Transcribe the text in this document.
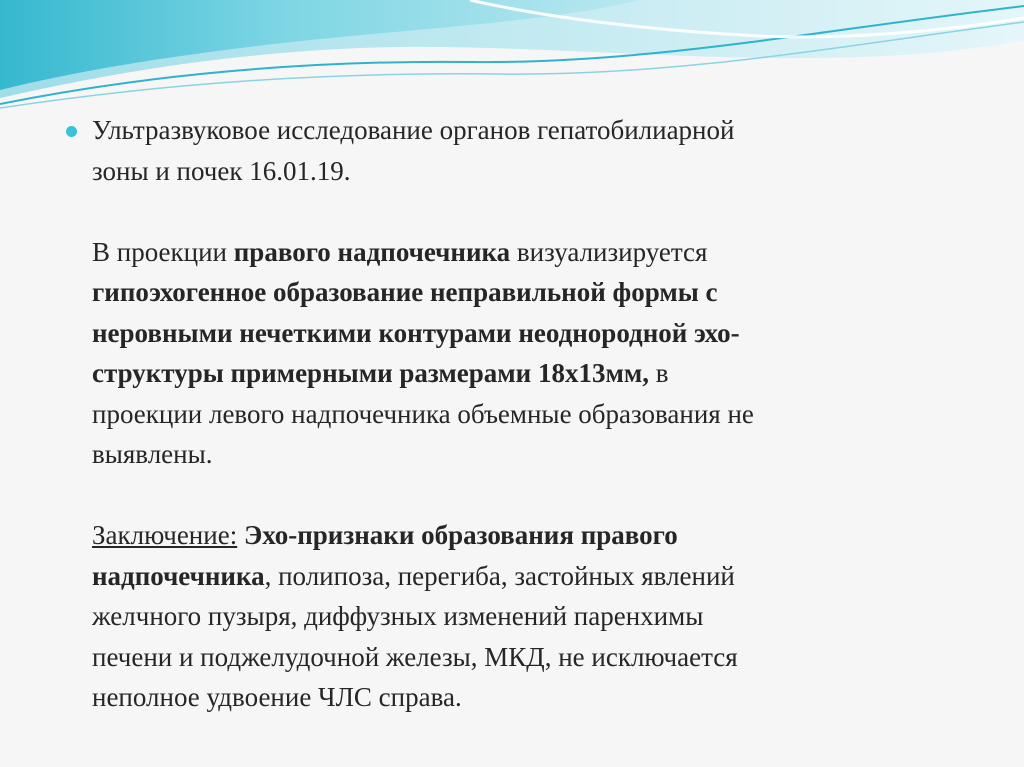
Ультразвуковое исследование органов гепатобилиарной
зоны и почек 16.01.19.

В проекции правого надпочечника визуализируется
гипоэхогенное образование неправильной формы с
неровными нечеткими контурами неоднородной эхо-
структуры примерными размерами 18х13мм, в
проекции левого надпочечника объемные образования не
выявлены.

Заключение: Эхо-признаки образования правого
надпочечника, полипоза, перегиба, застойных явлений
желчного пузыря, диффузных изменений паренхимы
печени и поджелудочной железы, МКД, не исключается
неполное удвоение ЧЛС справа.
